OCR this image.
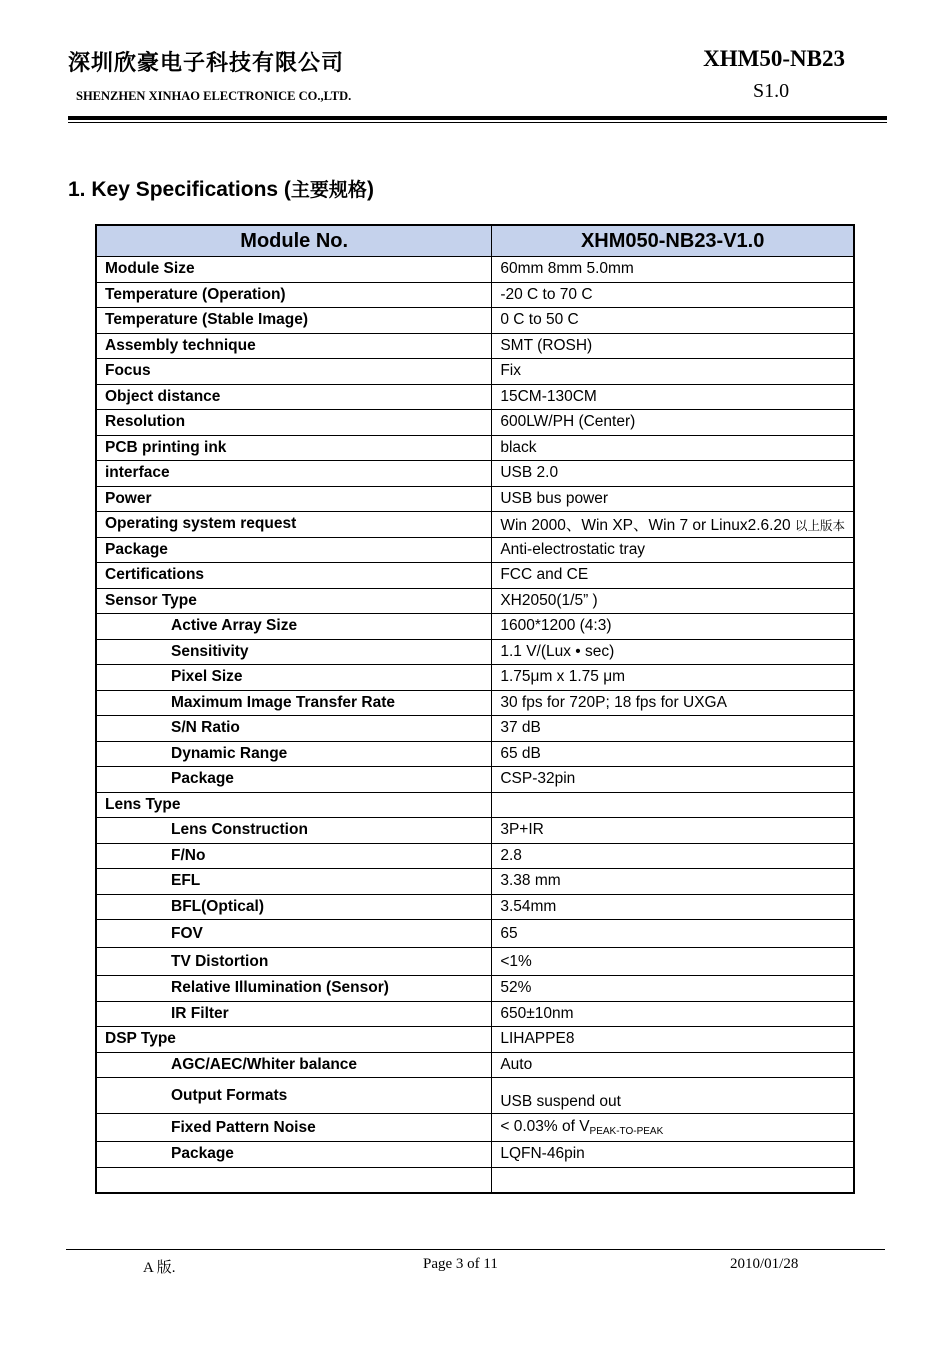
深圳欣豪电子科技有限公司
SHENZHEN XINHAO ELECTRONICE CO.,LTD.
XHM50-NB23
S1.0
1. Key Specifications (主要规格)
Module No.	XHM050-NB23-V1.0
Module Size	60mm 8mm 5.0mm
Temperature (Operation)	-20 C to 70 C
Temperature (Stable Image)	0 C to 50 C
Assembly technique	SMT (ROSH)
Focus	Fix
Object distance	15CM-130CM
Resolution	600LW/PH (Center)
PCB printing ink	black
interface	USB 2.0
Power	USB bus power
Operating system request	Win 2000、Win XP、Win 7 or Linux2.6.20 以上版本
Package	Anti-electrostatic tray
Certifications	FCC and CE
Sensor Type	XH2050(1/5” )
Active Array Size	1600*1200 (4:3)
Sensitivity	1.1 V/(Lux • sec)
Pixel Size	1.75μm x 1.75 μm
Maximum Image Transfer Rate	30 fps for 720P; 18 fps for UXGA
S/N Ratio	37 dB
Dynamic Range	65 dB
Package	CSP-32pin
Lens Type	
Lens Construction	3P+IR
F/No	2.8
EFL	3.38 mm
BFL(Optical)	3.54mm
FOV	65
TV Distortion	<1%
Relative Illumination (Sensor)	52%
IR Filter	650±10nm
DSP Type	LIHAPPE8
AGC/AEC/Whiter balance	Auto
Output Formats	USB suspend out
Fixed Pattern Noise	< 0.03% of $V_{PEAK-TO-PEAK}$
Package	LQFN-46pin

A 版.	Page 3 of 11	2010/01/28
